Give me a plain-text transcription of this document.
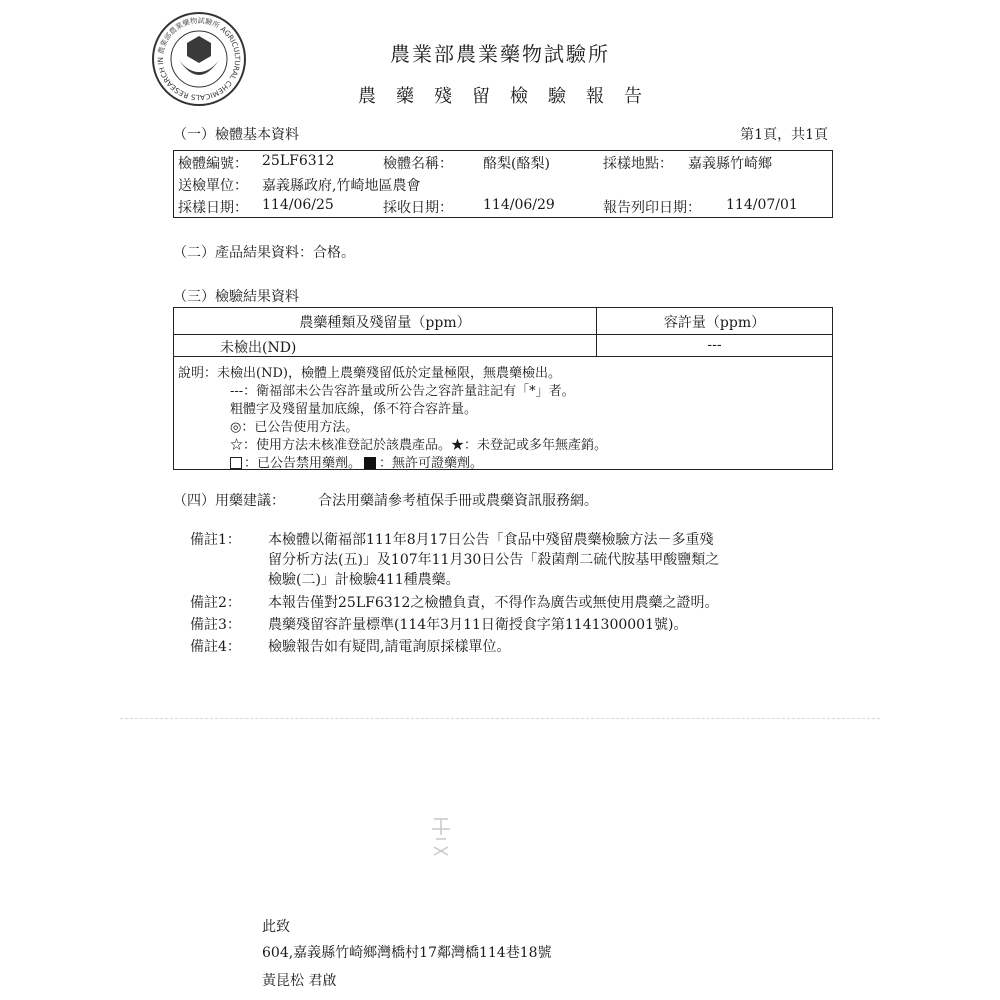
農業部農業藥物試驗所 AGRICULTURAL CHEMICALS RESEARCH IN	農業部農業藥物試驗所
農藥殘留檢驗報告
（一）檢體基本資料	第1頁，共1頁
檢體編號： 25LF6312	檢體名稱： 酪梨(酪梨)	採樣地點： 嘉義縣竹崎鄉
送檢單位： 嘉義縣政府,竹崎地區農會
採樣日期： 114/06/25	採收日期： 114/06/29	報告列印日期： 114/07/01
（二）產品結果資料：合格。
（三）檢驗結果資料
農藥種類及殘留量（ppm）	容許量（ppm）
未檢出(ND)	---
說明：未檢出(ND)，檢體上農藥殘留低於定量極限，無農藥檢出。
---：衛福部未公告容許量或所公告之容許量註記有「*」者。
粗體字及殘留量加底線，係不符合容許量。
◎：已公告使用方法。
☆：使用方法未核准登記於該農產品。★：未登記或多年無產銷。
：已公告禁用藥劑。 ：無許可證藥劑。
（四）用藥建議： 合法用藥請參考植保手冊或農藥資訊服務網。
備註1： 本檢體以衛福部111年8月17日公告「食品中殘留農藥檢驗方法－多重殘
留分析方法(五)」及107年11月30日公告「殺菌劑二硫代胺基甲酸鹽類之
檢驗(二)」計檢驗411種農藥。
備註2： 本報告僅對25LF6312之檢體負責，不得作為廣告或無使用農藥之證明。
備註3： 農藥殘留容許量標準(114年3月11日衛授食字第1141300001號)。
備註4： 檢驗報告如有疑問,請電詢原採樣單位。
此致
604,嘉義縣竹崎鄉灣橋村17鄰灣橋114巷18號
黃昆松 君啟
